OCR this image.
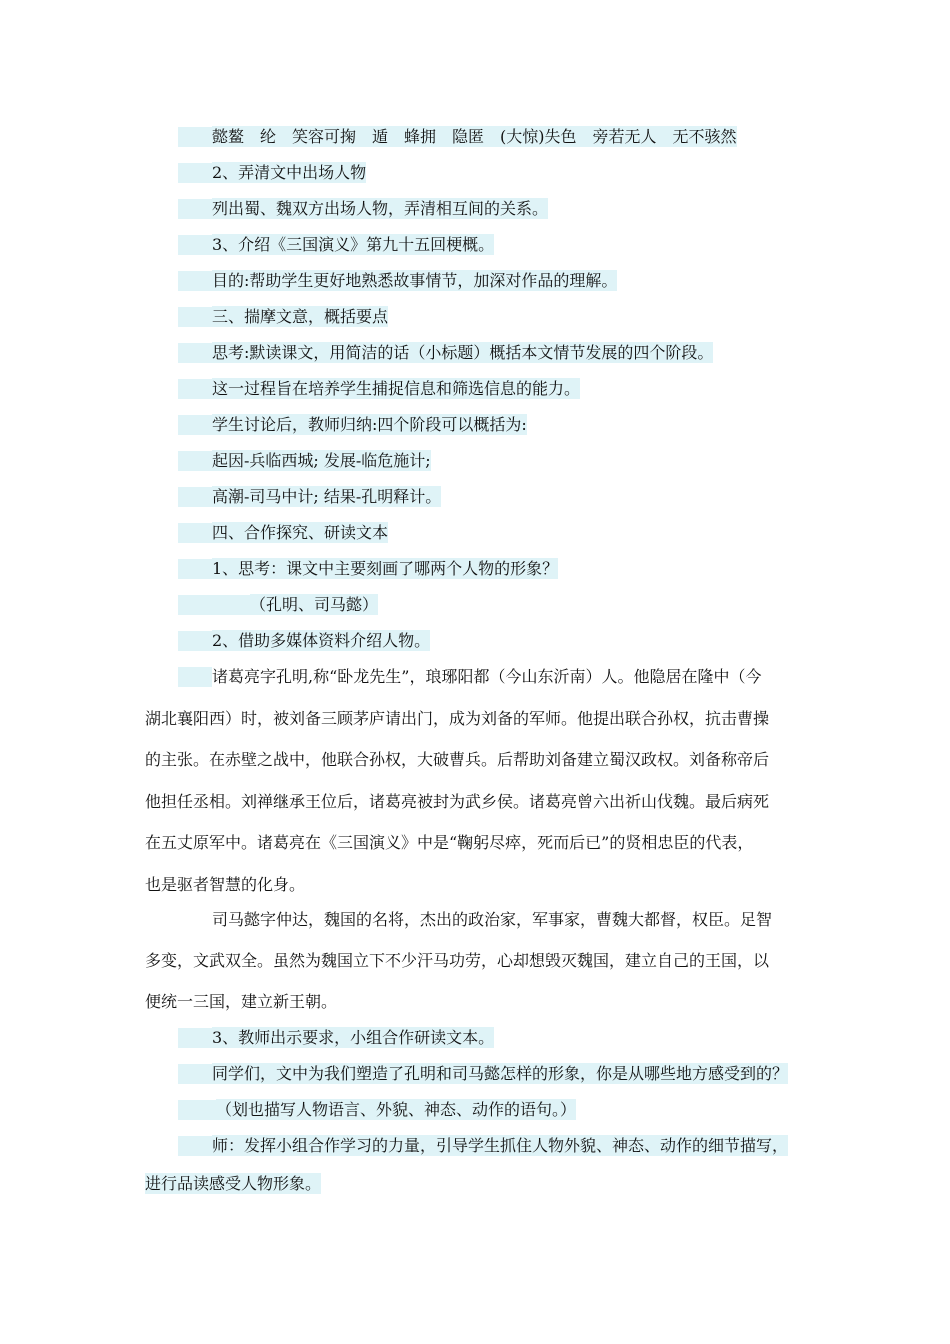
懿鳌　纶　笑容可掬　遁　蜂拥　隐匿　(大惊)失色　旁若无人　无不骇然
2、弄清文中出场人物
列出蜀、魏双方出场人物，弄清相互间的关系。
3、介绍《三国演义》第九十五回梗概。
目的:帮助学生更好地熟悉故事情节，加深对作品的理解。
三、揣摩文意，概括要点
思考:默读课文，用简洁的话（小标题）概括本文情节发展的四个阶段。
这一过程旨在培养学生捕捉信息和筛选信息的能力。
学生讨论后，教师归纳:四个阶段可以概括为:
起因-兵临西城; 发展-临危施计;
高潮-司马中计; 结果-孔明释计。
四、合作探究、研读文本
1、思考：课文中主要刻画了哪两个人物的形象？
（孔明、司马懿）
2、借助多媒体资料介绍人物。
诸葛亮字孔明,称“卧龙先生”，琅琊阳都（今山东沂南）人。他隐居在隆中（今
湖北襄阳西）时，被刘备三顾茅庐请出门，成为刘备的军师。他提出联合孙权，抗击曹操
的主张。在赤壁之战中，他联合孙权，大破曹兵。后帮助刘备建立蜀汉政权。刘备称帝后
他担任丞相。刘禅继承王位后，诸葛亮被封为武乡侯。诸葛亮曾六出祈山伐魏。最后病死
在五丈原军中。诸葛亮在《三国演义》中是“鞠躬尽瘁，死而后已”的贤相忠臣的代表，
也是驱者智慧的化身。
司马懿字仲达，魏国的名将，杰出的政治家，军事家，曹魏大都督，权臣。足智
多变，文武双全。虽然为魏国立下不少汗马功劳，心却想毁灭魏国，建立自己的王国，以
便统一三国，建立新王朝。
3、教师出示要求，小组合作研读文本。
同学们，文中为我们塑造了孔明和司马懿怎样的形象，你是从哪些地方感受到的？
（划也描写人物语言、外貌、神态、动作的语句。）
师：发挥小组合作学习的力量，引导学生抓住人物外貌、神态、动作的细节描写，
进行品读感受人物形象。
